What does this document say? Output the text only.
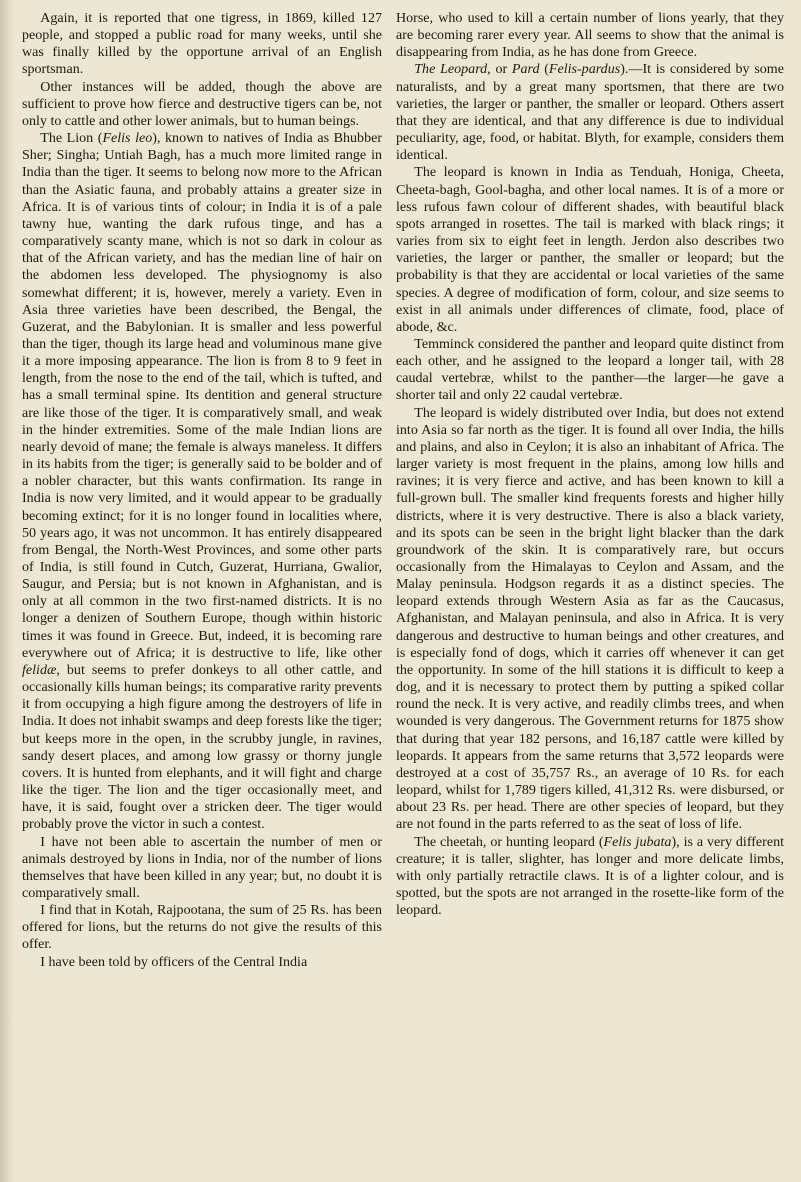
Again, it is reported that one tigress, in 1869, killed 127 people, and stopped a public road for many weeks, until she was finally killed by the opportune arrival of an English sportsman.

Other instances will be added, though the above are sufficient to prove how fierce and destructive tigers can be, not only to cattle and other lower animals, but to human beings.

The Lion (Felis leo), known to natives of India as Bhubber Sher; Singha; Untiah Bagh, has a much more limited range in India than the tiger. It seems to belong now more to the African than the Asiatic fauna, and probably attains a greater size in Africa. It is of various tints of colour; in India it is of a pale tawny hue, wanting the dark rufous tinge, and has a comparatively scanty mane, which is not so dark in colour as that of the African variety, and has the median line of hair on the abdomen less developed. The physiognomy is also somewhat different; it is, however, merely a variety. Even in Asia three varieties have been described, the Bengal, the Guzerat, and the Babylonian. It is smaller and less powerful than the tiger, though its large head and voluminous mane give it a more imposing appearance. The lion is from 8 to 9 feet in length, from the nose to the end of the tail, which is tufted, and has a small terminal spine. Its dentition and general structure are like those of the tiger. It is comparatively small, and weak in the hinder extremities. Some of the male Indian lions are nearly devoid of mane; the female is always maneless. It differs in its habits from the tiger; is generally said to be bolder and of a nobler character, but this wants confirmation. Its range in India is now very limited, and it would appear to be gradually becoming extinct; for it is no longer found in localities where, 50 years ago, it was not uncommon. It has entirely disappeared from Bengal, the North-West Provinces, and some other parts of India, is still found in Cutch, Guzerat, Hurriana, Gwalior, Saugur, and Persia; but is not known in Afghanistan, and is only at all common in the two first-named districts. It is no longer a denizen of Southern Europe, though within historic times it was found in Greece. But, indeed, it is becoming rare everywhere out of Africa; it is destructive to life, like other felidæ, but seems to prefer donkeys to all other cattle, and occasionally kills human beings; its comparative rarity prevents it from occupying a high figure among the destroyers of life in India. It does not inhabit swamps and deep forests like the tiger; but keeps more in the open, in the scrubby jungle, in ravines, sandy desert places, and among low grassy or thorny jungle covers. It is hunted from elephants, and it will fight and charge like the tiger. The lion and the tiger occasionally meet, and have, it is said, fought over a stricken deer. The tiger would probably prove the victor in such a contest.

I have not been able to ascertain the number of men or animals destroyed by lions in India, nor of the number of lions themselves that have been killed in any year; but, no doubt it is comparatively small.

I find that in Kotah, Rajpootana, the sum of 25 Rs. has been offered for lions, but the returns do not give the results of this offer.

I have been told by officers of the Central India

Horse, who used to kill a certain number of lions yearly, that they are becoming rarer every year. All seems to show that the animal is disappearing from India, as he has done from Greece.

The Leopard, or Pard (Felis-pardus).—It is considered by some naturalists, and by a great many sportsmen, that there are two varieties, the larger or panther, the smaller or leopard. Others assert that they are identical, and that any difference is due to individual peculiarity, age, food, or habitat. Blyth, for example, considers them identical.

The leopard is known in India as Tenduah, Honiga, Cheeta, Cheeta-bagh, Gool-bagha, and other local names. It is of a more or less rufous fawn colour of different shades, with beautiful black spots arranged in rosettes. The tail is marked with black rings; it varies from six to eight feet in length. Jerdon also describes two varieties, the larger or panther, the smaller or leopard; but the probability is that they are accidental or local varieties of the same species. A degree of modification of form, colour, and size seems to exist in all animals under differences of climate, food, place of abode, &c.

Temminck considered the panther and leopard quite distinct from each other, and he assigned to the leopard a longer tail, with 28 caudal vertebræ, whilst to the panther—the larger—he gave a shorter tail and only 22 caudal vertebræ.

The leopard is widely distributed over India, but does not extend into Asia so far north as the tiger. It is found all over India, the hills and plains, and also in Ceylon; it is also an inhabitant of Africa. The larger variety is most frequent in the plains, among low hills and ravines; it is very fierce and active, and has been known to kill a full-grown bull. The smaller kind frequents forests and higher hilly districts, where it is very destructive. There is also a black variety, and its spots can be seen in the bright light blacker than the dark groundwork of the skin. It is comparatively rare, but occurs occasionally from the Himalayas to Ceylon and Assam, and the Malay peninsula. Hodgson regards it as a distinct species. The leopard extends through Western Asia as far as the Caucasus, Afghanistan, and Malayan peninsula, and also in Africa. It is very dangerous and destructive to human beings and other creatures, and is especially fond of dogs, which it carries off whenever it can get the opportunity. In some of the hill stations it is difficult to keep a dog, and it is necessary to protect them by putting a spiked collar round the neck. It is very active, and readily climbs trees, and when wounded is very dangerous. The Government returns for 1875 show that during that year 182 persons, and 16,187 cattle were killed by leopards. It appears from the same returns that 3,572 leopards were destroyed at a cost of 35,757 Rs., an average of 10 Rs. for each leopard, whilst for 1,789 tigers killed, 41,312 Rs. were disbursed, or about 23 Rs. per head. There are other species of leopard, but they are not found in the parts referred to as the seat of loss of life.

The cheetah, or hunting leopard (Felis jubata), is a very different creature; it is taller, slighter, has longer and more delicate limbs, with only partially retractile claws. It is of a lighter colour, and is spotted, but the spots are not arranged in the rosette-like form of the leopard.
